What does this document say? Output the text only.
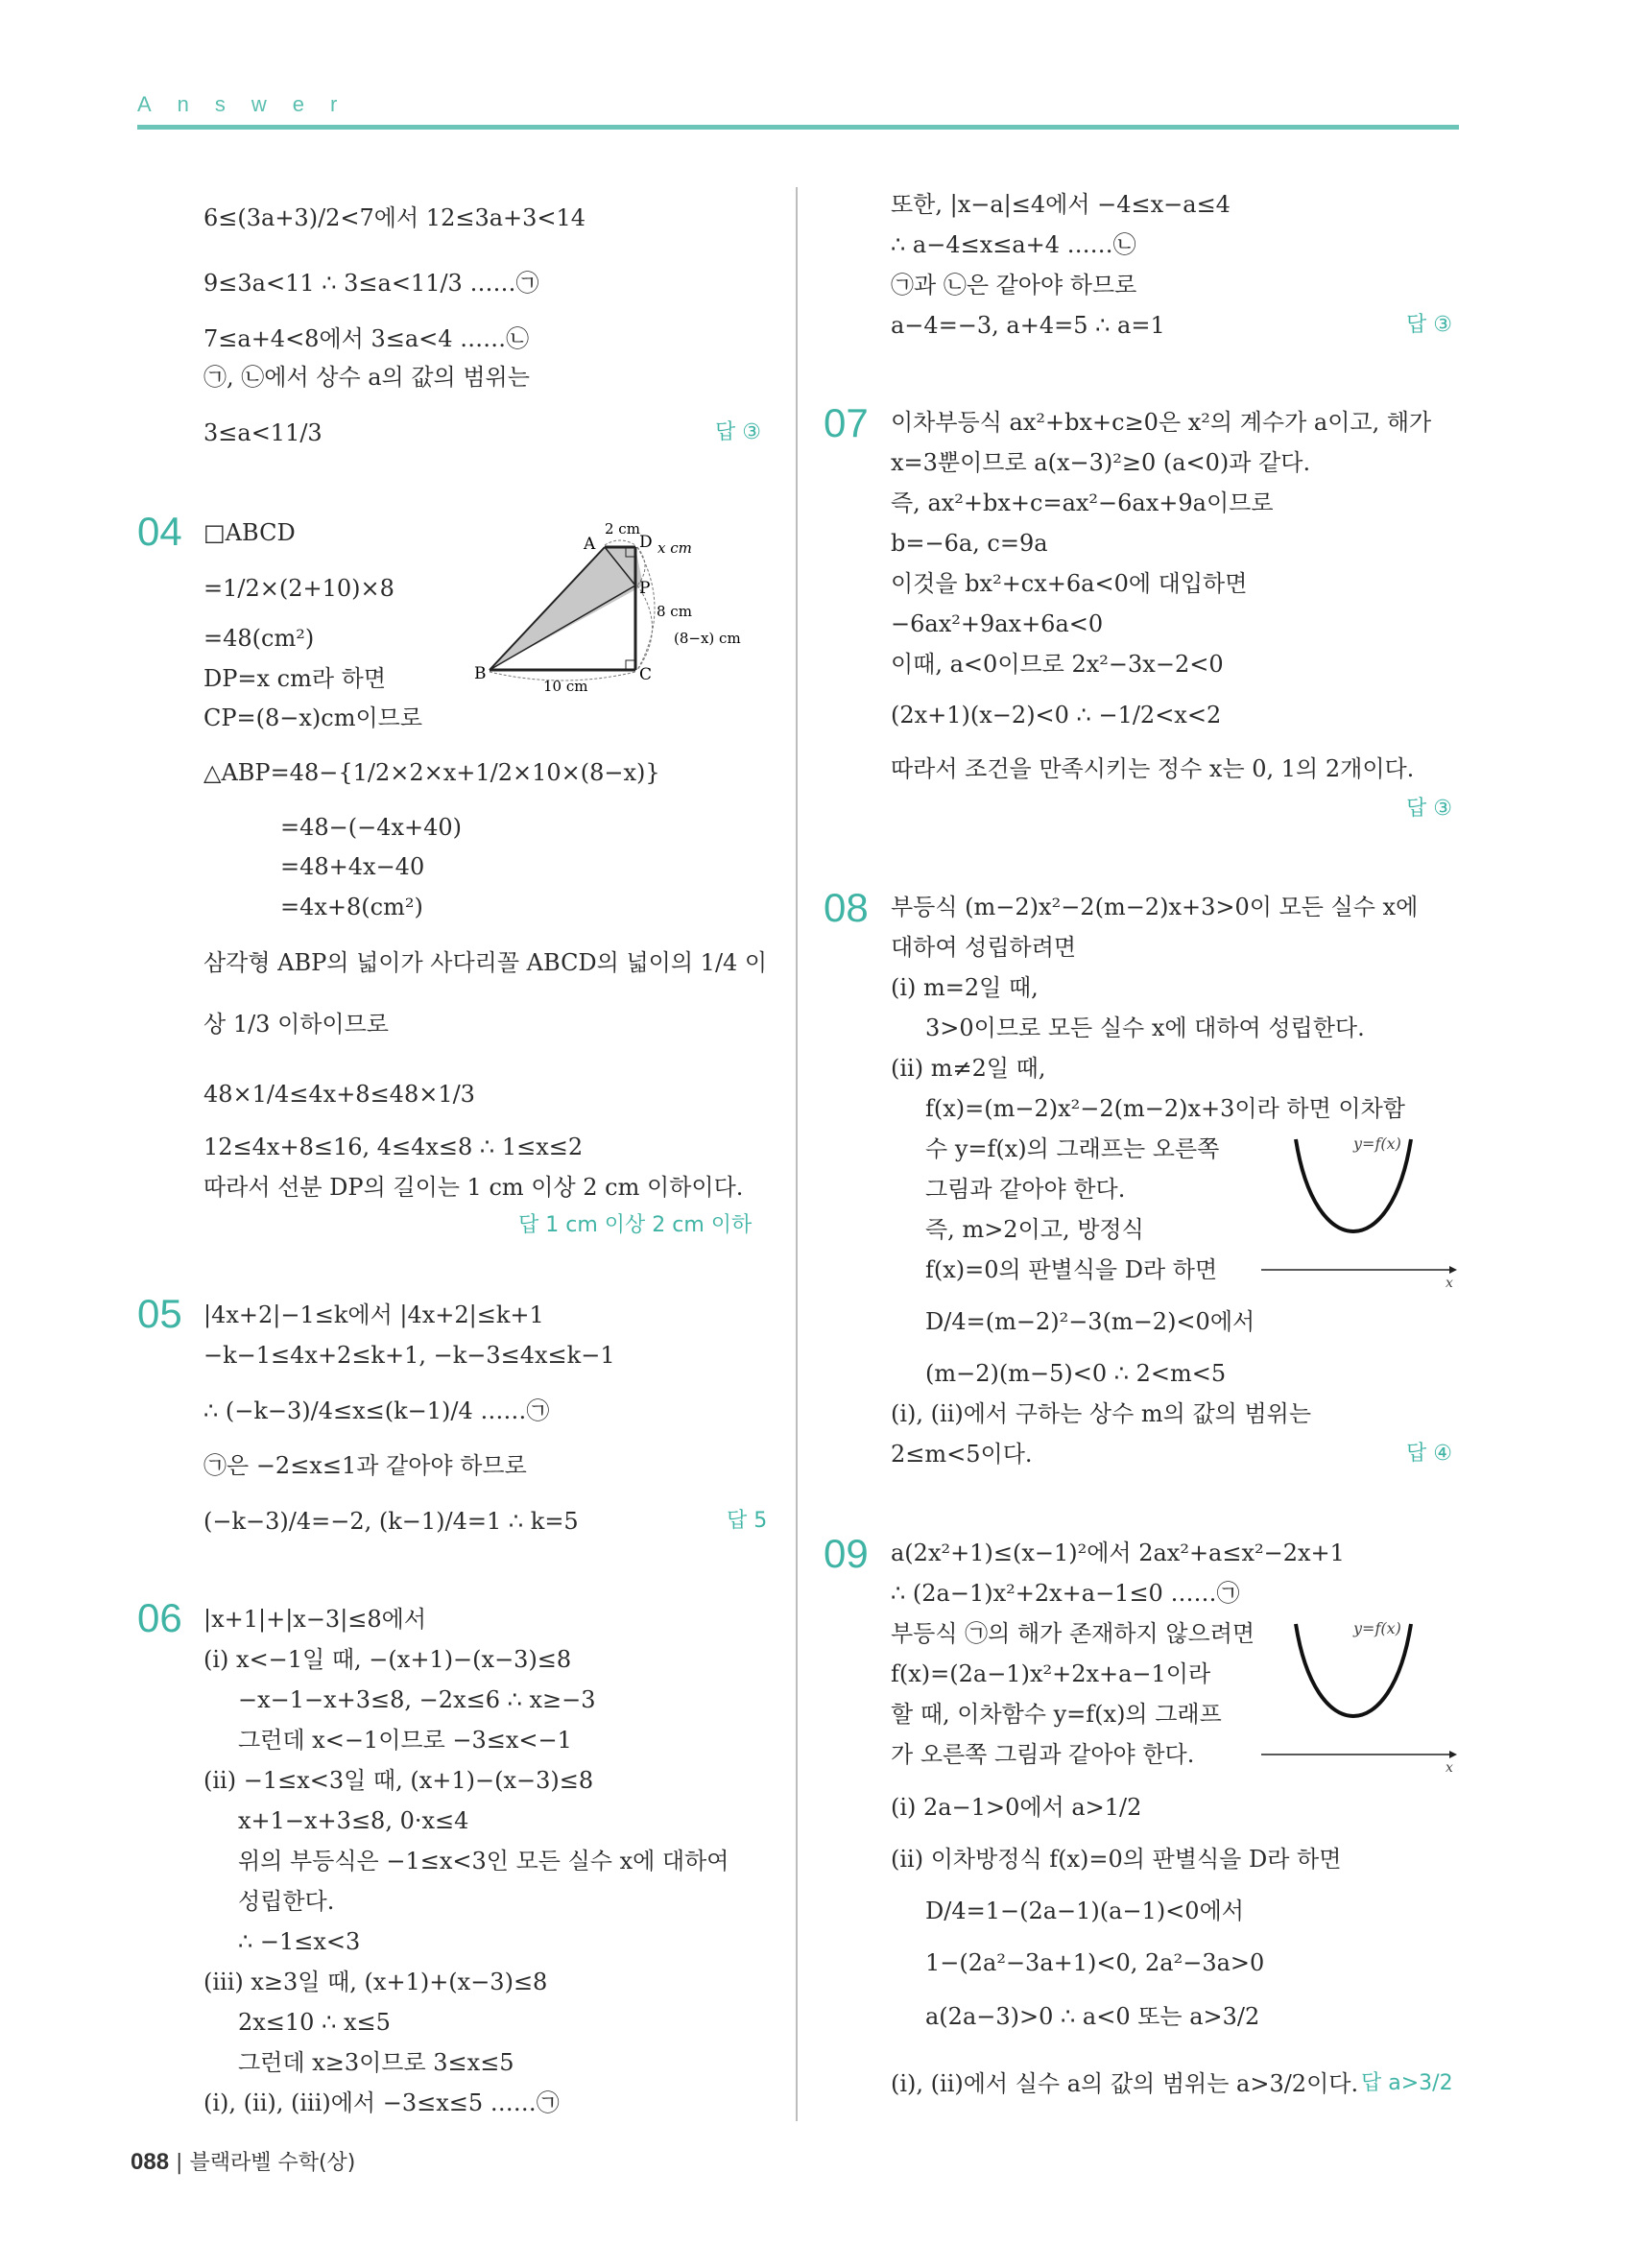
Answer
6≤(3a+3)/2<7에서 12≤3a+3<14
9≤3a<11 ∴ 3≤a<11/3 ……㉠
7≤a+4<8에서 3≤a<4 ……㉡
㉠, ㉡에서 상수 a의 값의 범위는
3≤a<11/3	답 ③
04 □ABCD
=1/2×(2+10)×8
=48(cm²)
DP=x cm라 하면
CP=(8−x)cm이므로
△ABP=48−{1/2×2×x+1/2×10×(8−x)}
=48−(−4x+40)
=48+4x−40
=4x+8(cm²)
삼각형 ABP의 넓이가 사다리꼴 ABCD의 넓이의 1/4 이
상 1/3 이하이므로
48×1/4≤4x+8≤48×1/3
12≤4x+8≤16, 4≤4x≤8 ∴ 1≤x≤2
따라서 선분 DP의 길이는 1 cm 이상 2 cm 이하이다.
답 1 cm 이상 2 cm 이하
A
B	C
D
P
2 cm
x cm
8 cm
(8−x) cm
10 cm
05 |4x+2|−1≤k에서 |4x+2|≤k+1
−k−1≤4x+2≤k+1, −k−3≤4x≤k−1
∴ (−k−3)/4≤x≤(k−1)/4 ……㉠
㉠은 −2≤x≤1과 같아야 하므로
(−k−3)/4=−2, (k−1)/4=1 ∴ k=5	답 5
06 |x+1|+|x−3|≤8에서
(i) x<−1일 때, −(x+1)−(x−3)≤8
−x−1−x+3≤8, −2x≤6 ∴ x≥−3
그런데 x<−1이므로 −3≤x<−1
(ii) −1≤x<3일 때, (x+1)−(x−3)≤8
x+1−x+3≤8, 0·x≤4
위의 부등식은 −1≤x<3인 모든 실수 x에 대하여
성립한다.
∴ −1≤x<3
(iii) x≥3일 때, (x+1)+(x−3)≤8
2x≤10 ∴ x≤5
그런데 x≥3이므로 3≤x≤5
(i), (ii), (iii)에서 −3≤x≤5 ……㉠
또한, |x−a|≤4에서 −4≤x−a≤4
∴ a−4≤x≤a+4 ……㉡
㉠과 ㉡은 같아야 하므로
a−4=−3, a+4=5 ∴ a=1	답 ③
07 이차부등식 ax²+bx+c≥0은 x²의 계수가 a이고, 해가
x=3뿐이므로 a(x−3)²≥0 (a<0)과 같다.
즉, ax²+bx+c=ax²−6ax+9a이므로
b=−6a, c=9a
이것을 bx²+cx+6a<0에 대입하면
−6ax²+9ax+6a<0
이때, a<0이므로 2x²−3x−2<0
(2x+1)(x−2)<0 ∴ −1/2<x<2
따라서 조건을 만족시키는 정수 x는 0, 1의 2개이다.
답 ③
08 부등식 (m−2)x²−2(m−2)x+3>0이 모든 실수 x에
대하여 성립하려면
(i) m=2일 때,
3>0이므로 모든 실수 x에 대하여 성립한다.
(ii) m≠2일 때,
f(x)=(m−2)x²−2(m−2)x+3이라 하면 이차함
수 y=f(x)의 그래프는 오른쪽
그림과 같아야 한다.
즉, m>2이고, 방정식
f(x)=0의 판별식을 D라 하면
D/4=(m−2)²−3(m−2)<0에서
(m−2)(m−5)<0 ∴ 2<m<5
(i), (ii)에서 구하는 상수 m의 값의 범위는
2≤m<5이다.	답 ④
y=f(x)
x
09 a(2x²+1)≤(x−1)²에서 2ax²+a≤x²−2x+1
∴ (2a−1)x²+2x+a−1≤0 ……㉠
부등식 ㉠의 해가 존재하지 않으려면
f(x)=(2a−1)x²+2x+a−1이라
할 때, 이차함수 y=f(x)의 그래프
가 오른쪽 그림과 같아야 한다.
(i) 2a−1>0에서 a>1/2
(ii) 이차방정식 f(x)=0의 판별식을 D라 하면
D/4=1−(2a−1)(a−1)<0에서
1−(2a²−3a+1)<0, 2a²−3a>0
a(2a−3)>0 ∴ a<0 또는 a>3/2
(i), (ii)에서 실수 a의 값의 범위는 a>3/2이다. 답 a>3/2
y=f(x)
x
088 | 블랙라벨 수학(상)
